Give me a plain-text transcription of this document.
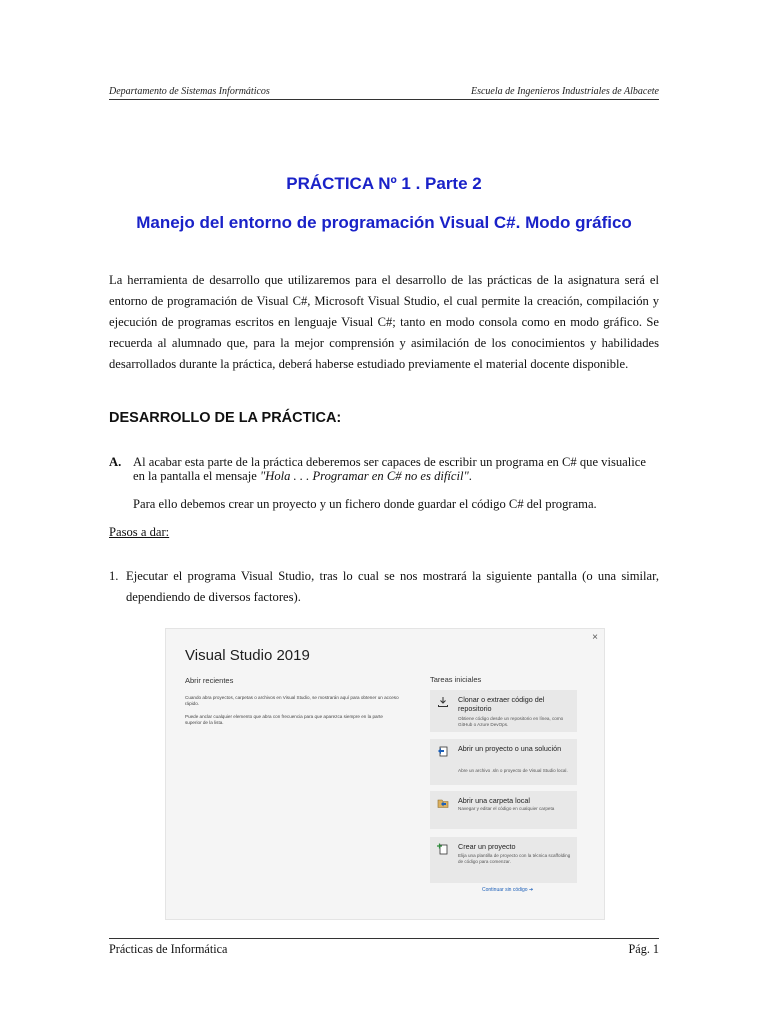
Departamento de Sistemas Informáticos	Escuela de Ingenieros Industriales de Albacete
PRÁCTICA Nº 1 . Parte 2
Manejo del entorno de programación Visual C#. Modo gráfico

La herramienta de desarrollo que utilizaremos para el desarrollo de las prácticas de la asignatura será el entorno de programación de Visual C#, Microsoft Visual Studio, el cual permite la creación, compilación y ejecución de programas escritos en lenguaje Visual C#; tanto en modo consola como en modo gráfico. Se recuerda al alumnado que, para la mejor comprensión y asimilación de los conocimientos y habilidades desarrollados durante la práctica, deberá haberse estudiado previamente el material docente disponible.

DESARROLLO DE LA PRÁCTICA:
A. Al acabar esta parte de la práctica deberemos ser capaces de escribir un programa en C# que visualice en la pantalla el mensaje "Hola . . . Programar en C# no es difícil".
Para ello debemos crear un proyecto y un fichero donde guardar el código C# del programa.
Pasos a dar:
1. Ejecutar el programa Visual Studio, tras lo cual se nos mostrará la siguiente pantalla (o una similar, dependiendo de diversos factores).
×
Visual Studio 2019
Abrir recientes
Cuando abra proyectos, carpetas o archivos en Visual Studio, se mostrarán aquí para obtener un acceso rápido.
Puede anclar cualquier elemento que abra con frecuencia para que aparezca siempre en la parte superior de la lista.
Tareas iniciales
Clonar o extraer código del repositorio
Obtiene código desde un repositorio en línea, como GitHub o Azure DevOps.
Abrir un proyecto o una solución
Abre un archivo .sln o proyecto de Visual Studio local.
Abrir una carpeta local
Navegar y editar el código en cualquier carpeta
Crear un proyecto
Elija una plantilla de proyecto con la técnica scaffolding de código para comenzar.
Continuar sin código ➔
Prácticas de Informática	Pág. 1
